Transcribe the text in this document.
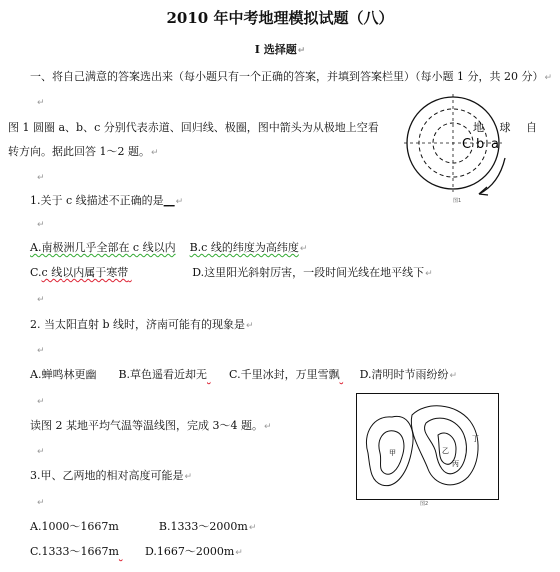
2010 年中考地理模拟试题（八）
Ⅰ 选择题↵
一、将自己满意的答案选出来（每小题只有一个正确的答案，并填到答案栏里）（每小题 1 分，共 20 分）↵
↵
图 1 圆圈 a、b、c 分别代表赤道、回归线、极圈，图中箭头为从极地上空看	地 球 自
转方向。据此回答 1～2 题。↵
C b a
图1
↵
1.关于 c 线描述不正确的是__↵
↵
A.南极洲几乎全部在 c 线以内 B.c 线的纬度为高纬度↵
C.c 线以内属于寒带	D.这里阳光斜射厉害，一段时间光线在地平线下↵
↵
2. 当太阳直射 b 线时，济南可能有的现象是↵
↵
A.蝉鸣林更幽 B.草色遥看近却无 C.千里冰封，万里雪飘 D.清明时节雨纷纷↵
↵
读图 2 某地平均气温等温线图，完成 3～4 题。↵
甲	乙
丙
丁
图2
↵
3.甲、乙两地的相对高度可能是↵
↵
A.1000～1667m	B.1333～2000m↵
C.1333～1667m D.1667～2000m↵
